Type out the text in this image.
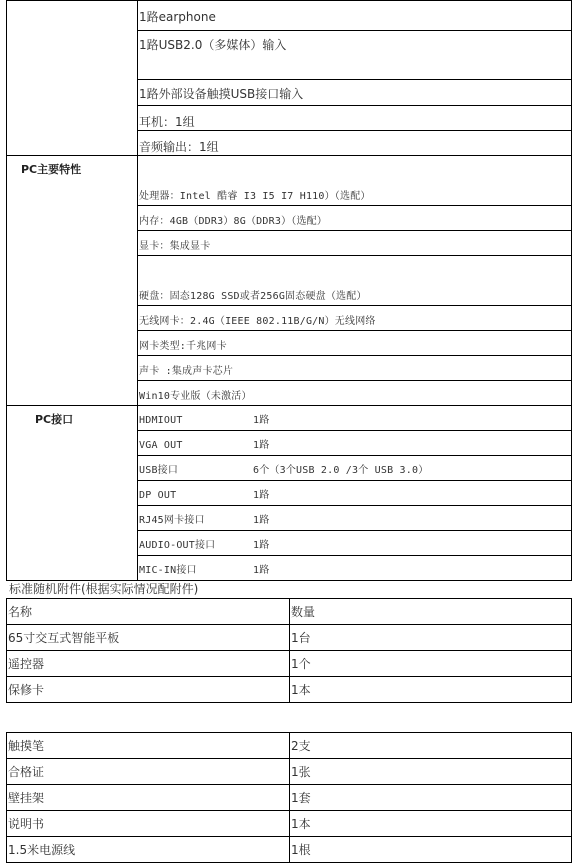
	1路earphone
	1路USB2.0（多媒体）输入
	1路外部设备触摸USB接口输入
	耳机：1组
	音频输出：1组
PC主要特性	处理器：Intel 酷睿 I3 I5 I7 H110）（选配）
	内存：4GB（DDR3）8G（DDR3）（选配）
	显卡：集成显卡
	硬盘：固态128G SSD或者256G固态硬盘（选配）
	无线网卡：2.4G（IEEE 802.11B/G/N）无线网络
	网卡类型:千兆网卡
	声卡 :集成声卡芯片
	Win10专业版（未激活）
PC接口	HDMIOUT 1路
	VGA OUT 1路
	USB接口 6个（3个USB 2.0 /3个 USB 3.0）
	DP OUT 1路
	RJ45网卡接口 1路
	AUDIO-OUT接口 1路
	MIC-IN接口 1路
标准随机附件(根据实际情况配附件)
名称	数量
65寸交互式智能平板	1台
遥控器	1个
保修卡	1本
触摸笔	2支
合格证	1张
壁挂架	1套
说明书	1本
1.5米电源线	1根
